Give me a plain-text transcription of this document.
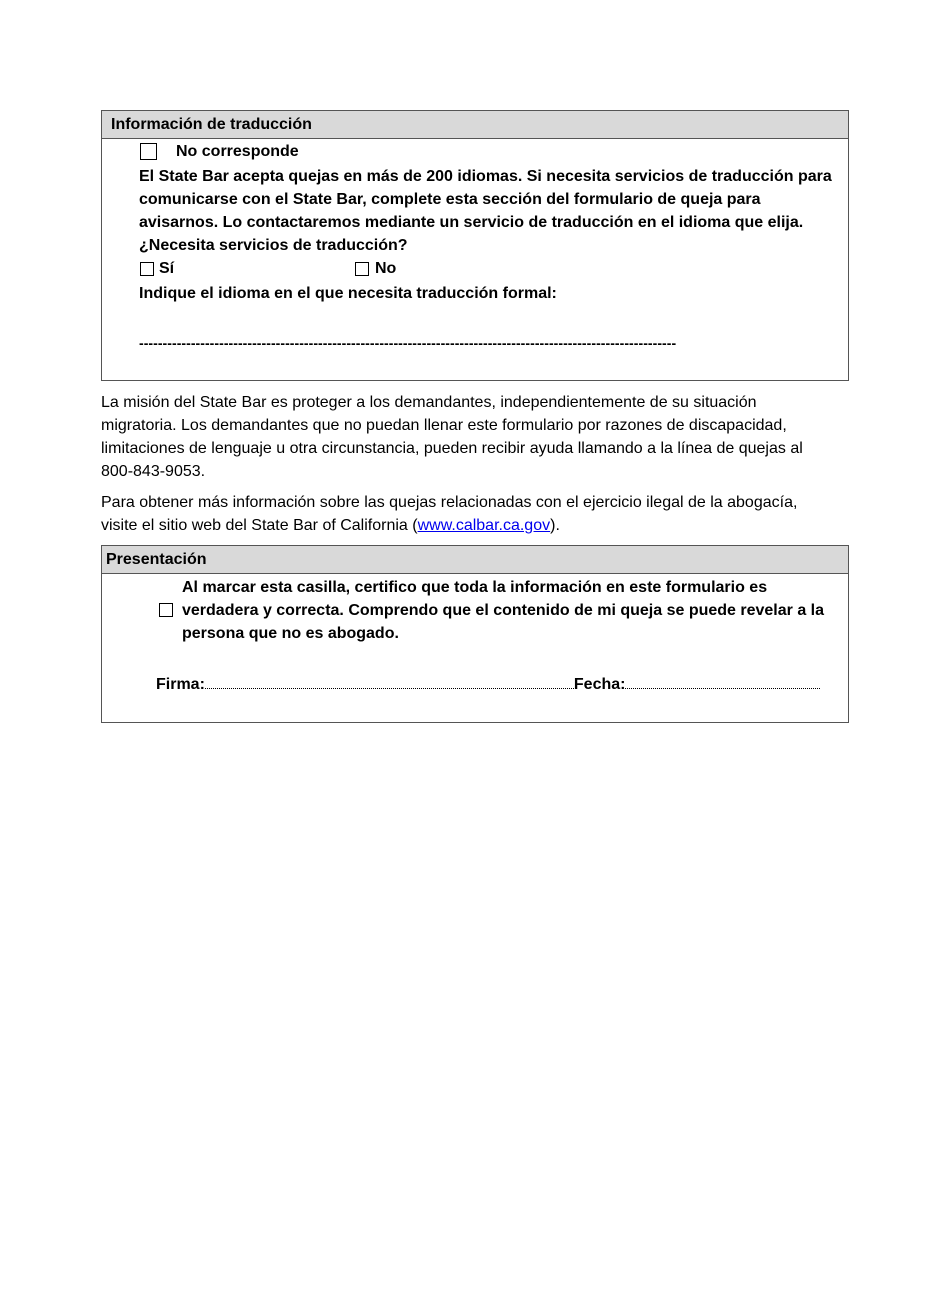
Información de traducción
No corresponde
El State Bar acepta quejas en más de 200 idiomas. Si necesita servicios de traducción para
comunicarse con el State Bar, complete esta sección del formulario de queja para
avisarnos. Lo contactaremos mediante un servicio de traducción en el idioma que elija.
¿Necesita servicios de traducción?
Sí	No
Indique el idioma en el que necesita traducción formal:
------------------------------------------------------------------------------------------------------------------
La misión del State Bar es proteger a los demandantes, independientemente de su situación
migratoria. Los demandantes que no puedan llenar este formulario por razones de discapacidad,
limitaciones de lenguaje u otra circunstancia, pueden recibir ayuda llamando a la línea de quejas al
800-843-9053.
Para obtener más información sobre las quejas relacionadas con el ejercicio ilegal de la abogacía,
visite el sitio web del State Bar of California (www.calbar.ca.gov).
Presentación
Al marcar esta casilla, certifico que toda la información en este formulario es
verdadera y correcta. Comprendo que el contenido de mi queja se puede revelar a la
persona que no es abogado.
Firma:	Fecha:
